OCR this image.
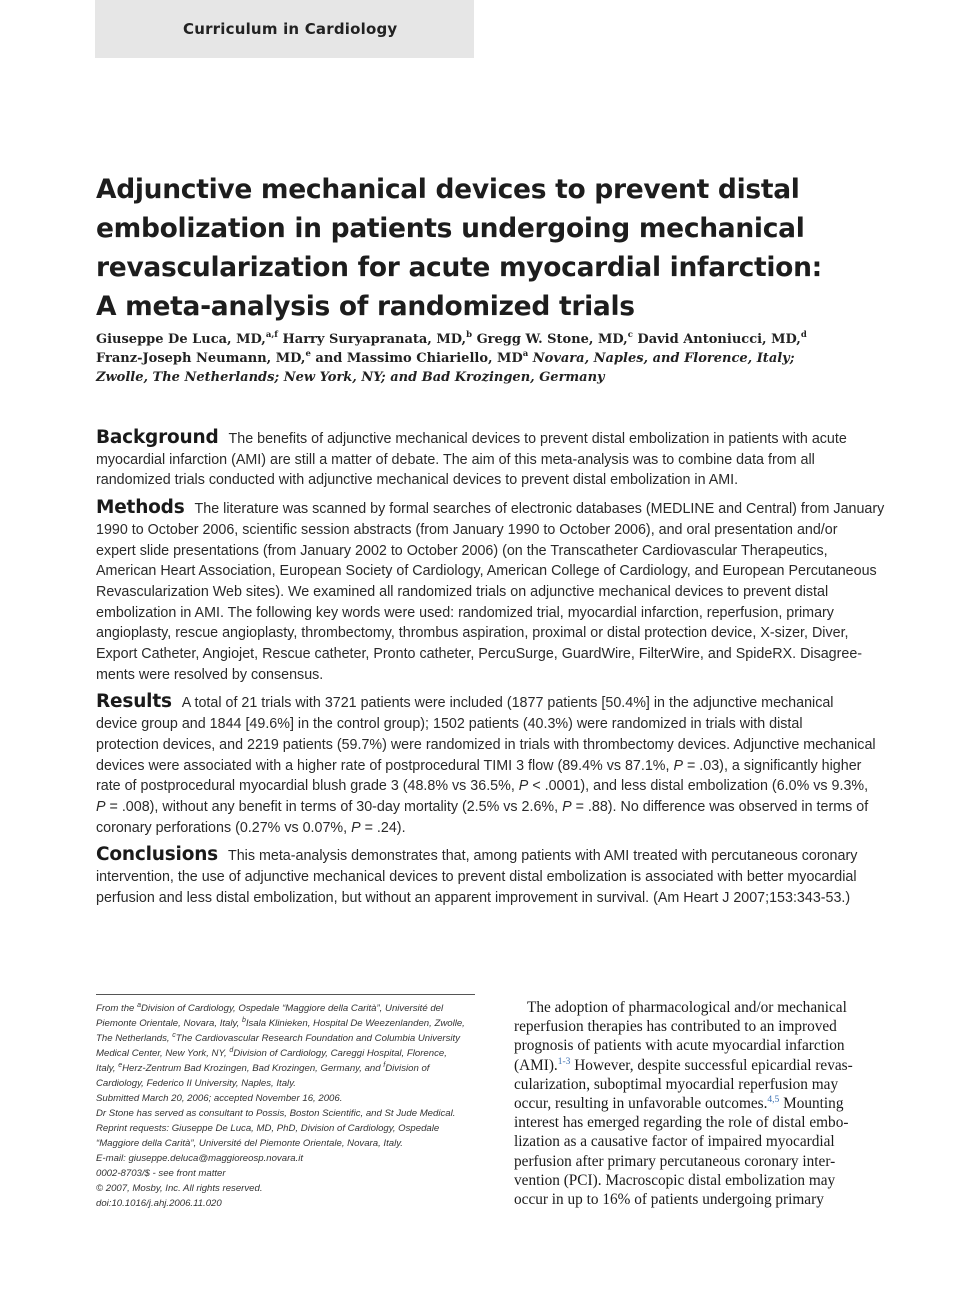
Curriculum in Cardiology
Adjunctive mechanical devices to prevent distal
embolization in patients undergoing mechanical
revascularization for acute myocardial infarction:
A meta-analysis of randomized trials
Giuseppe De Luca, MD,$^{a,f}$ Harry Suryapranata, MD,$^b$ Gregg W. Stone, MD,$^c$ David Antoniucci, MD,$^d$
Franz-Joseph Neumann, MD,$^e$ and Massimo Chiariello, $MD^a$ Novara, Naples, and Florence, Italy;
Zwolle, The Netherlands; New York, NY; and Bad Krozingen, Germany

Background The benefits of adjunctive mechanical devices to prevent distal embolization in patients with acute
myocardial infarction (AMI) are still a matter of debate. The aim of this meta-analysis was to combine data from all
randomized trials conducted with adjunctive mechanical devices to prevent distal embolization in AMI.

Methods The literature was scanned by formal searches of electronic databases (MEDLINE and Central) from January
1990 to October 2006, scientific session abstracts (from January 1990 to October 2006), and oral presentation and/or
expert slide presentations (from January 2002 to October 2006) (on the Transcatheter Cardiovascular Therapeutics,
American Heart Association, European Society of Cardiology, American College of Cardiology, and European Percutaneous
Revascularization Web sites). We examined all randomized trials on adjunctive mechanical devices to prevent distal
embolization in AMI. The following key words were used: randomized trial, myocardial infarction, reperfusion, primary
angioplasty, rescue angioplasty, thrombectomy, thrombus aspiration, proximal or distal protection device, X-sizer, Diver,
Export Catheter, Angiojet, Rescue catheter, Pronto catheter, PercuSurge, GuardWire, FilterWire, and SpideRX. Disagree-
ments were resolved by consensus.

Results A total of 21 trials with 3721 patients were included (1877 patients [50.4%] in the adjunctive mechanical
device group and 1844 [49.6%] in the control group); 1502 patients (40.3%) were randomized in trials with distal
protection devices, and 2219 patients (59.7%) were randomized in trials with thrombectomy devices. Adjunctive mechanical
devices were associated with a higher rate of postprocedural TIMI 3 flow (89.4% vs 87.1%, P = .03), a significantly higher
rate of postprocedural myocardial blush grade 3 (48.8% vs 36.5%, P < .0001), and less distal embolization (6.0% vs 9.3%,
P = .008), without any benefit in terms of 30-day mortality (2.5% vs 2.6%, P = .88). No difference was observed in terms of
coronary perforations (0.27% vs 0.07%, P = .24).

Conclusions This meta-analysis demonstrates that, among patients with AMI treated with percutaneous coronary
intervention, the use of adjunctive mechanical devices to prevent distal embolization is associated with better myocardial
perfusion and less distal embolization, but without an apparent improvement in survival. (Am Heart J 2007;153:343-53.)

From the $^a$Division of Cardiology, Ospedale “Maggiore della Carità”, Université del
Piemonte Orientale, Novara, Italy, $^b$Isala Klinieken, Hospital De Weezenlanden, Zwolle,
The Netherlands, $^c$The Cardiovascular Research Foundation and Columbia University
Medical Center, New York, NY, $^d$Division of Cardiology, Careggi Hospital, Florence,
Italy, $^e$Herz-Zentrum Bad Krozingen, Bad Krozingen, Germany, and $^f$Division of
Cardiology, Federico II University, Naples, Italy.
Submitted March 20, 2006; accepted November 16, 2006.
Dr Stone has served as consultant to Possis, Boston Scientific, and St Jude Medical.
Reprint requests: Giuseppe De Luca, MD, PhD, Division of Cardiology, Ospedale
“Maggiore della Carità”, Université del Piemonte Orientale, Novara, Italy.
E-mail: giuseppe.deluca@maggioreosp.novara.it
0002-8703/$ - see front matter
© 2007, Mosby, Inc. All rights reserved.
doi:10.1016/j.ahj.2006.11.020
The adoption of pharmacological and/or mechanical
reperfusion therapies has contributed to an improved
prognosis of patients with acute myocardial infarction
(AMI).$^{1-3}$ However, despite successful epicardial revas-
cularization, suboptimal myocardial reperfusion may
occur, resulting in unfavorable outcomes.$^{4,5}$ Mounting
interest has emerged regarding the role of distal embo-
lization as a causative factor of impaired myocardial
perfusion after primary percutaneous coronary inter-
vention (PCI). Macroscopic distal embolization may
occur in up to 16% of patients undergoing primary
